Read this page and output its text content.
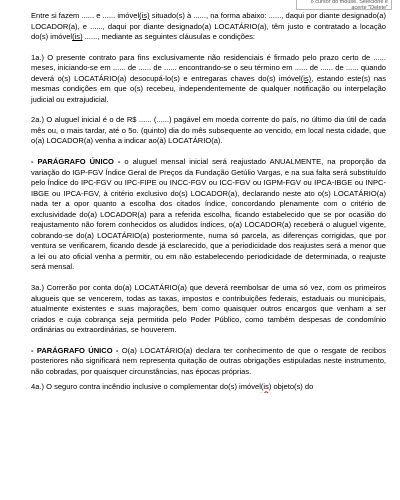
o cursor do mouse. Selecione e
acerte "Delete"

Entre si fazem ...... e ...... imóvel(is) situado(s) à ......, na forma abaixo: ......, daqui por diante designado(a) LOCADOR(a), e ......, daqui por diante designado(a) LOCATÁRIO(a), têm justo e contratado a locação do(s) imóvel(is) ......, mediante as seguintes cláusulas e condições:

1a.) O presente contrato para fins exclusivamente não residenciais é firmado pelo prazo certo de ...... meses, iniciando-se em ...... de ...... de ...... encontrando-se o seu término em ...... de ...... de ...... quando deverá o(s) LOCATÁRIO(a) desocupá-lo(s) e entregaras chaves do(s) imóvel(is), estando este(s) nas mesmas condições em que o(s) recebeu, independentemente de qualquer notificação ou interpelação judicial ou extrajudicial.

2a.) O aluguel inicial é o de R$ ...... (......) pagável em moeda corrente do país, no último dia útil de cada mês ou, o mais tardar, até o 5o. (quinto) dia do mês subsequente ao vencido, em local nesta cidade, que o(a) LOCADOR(a) venha a indicar ao(à) LOCATÁRIO(a).

- PARÁGRAFO ÚNICO - o aluguel mensal inicial será reajustado ANUALMENTE, na proporção da variação do IGP-FGV Índice Geral de Preços da Fundação Getúlio Vargas, e na sua falta será substituído pelo Índice do IPC-FGV ou IPC-FIPE ou INCC-FGV ou ICC-FGV ou IGPM-FGV ou IPCA-IBGE ou INPC-IBGE ou IPCA-FGV, à critério exclusivo do(s) LOCADOR(a), declarando neste ato o(s) LOCATÁRIO(a) nada ter a opor quanto a escolha dos citados índice, concordando plenamente com o critério de exclusividade do(a) LOCADOR(a) para a referida escolha, ficando estabelecido que se por ocasião do reajustamento não forem conhecidos os aludidos índices, o(a) LOCADOR(a) receberá o aluguel vigente, cobrando-se do(a) LOCATÁRIO(a) posteriormente, numa só parcela, as diferenças corrigidas, que por ventura se verificarem, ficando desde já esclarecido, que a periodicidade dos reajustes será a menor que a lei ou ato oficial venha a permitir, ou em não estabelecendo periodicidade de determinada, o reajuste será mensal.

3a.) Correrão por conta do(a) LOCATÁRIO(a) que deverá reembolsar de uma só vez, com os primeiros alugueis que se vencerem, todas as taxas, impostos e contribuições federais, estaduais ou municipais, atualmente existentes e suas majorações, bem como quaisquer outros encargos que venham a ser criados e cuja cobrança seja permitida pelo Poder Público, como também despesas de condomínio ordinárias ou extraordinárias, se houverem.

- PARÁGRAFO ÚNICO - O(a) LOCATÁRIO(a) declara ter conhecimento de que o resgate de recibos posteriores não significará nem representa quitação de outras obrigações estipuladas neste instrumento, não cobradas, por quaisquer circunstâncias, nas épocas próprias.

4a.) O seguro contra incêndio inclusive o complementar do(s) imóvel(is) objeto(s) do
